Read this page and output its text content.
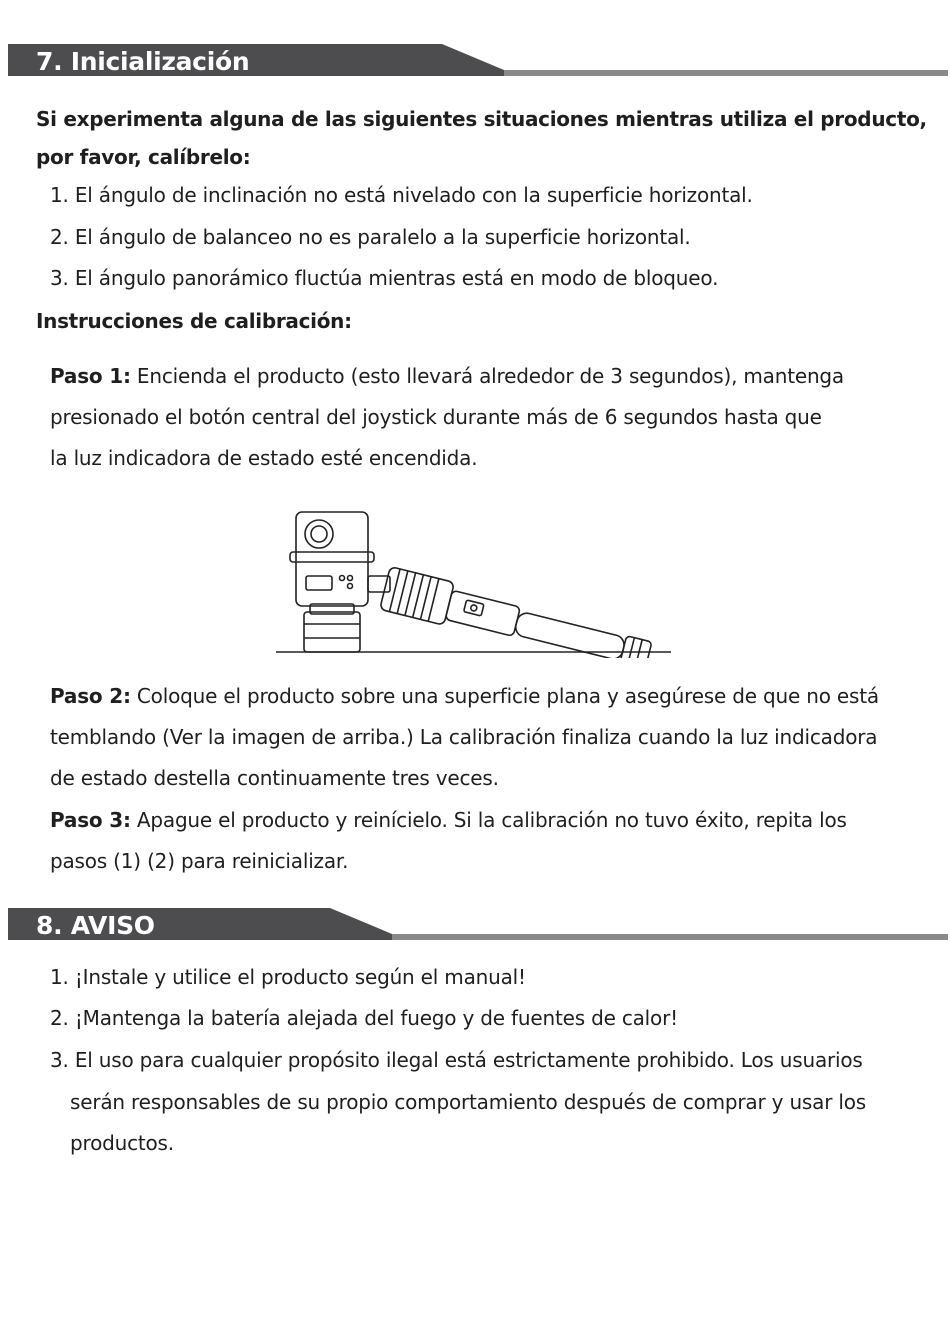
7. Inicialización
Si experimenta alguna de las siguientes situaciones mientras utiliza el producto,
por favor, calíbrelo:
1. El ángulo de inclinación no está nivelado con la superficie horizontal.
2. El ángulo de balanceo no es paralelo a la superficie horizontal.
3. El ángulo panorámico fluctúa mientras está en modo de bloqueo.
Instrucciones de calibración:
Paso 1: Encienda el producto (esto llevará alrededor de 3 segundos), mantenga
presionado el botón central del joystick durante más de 6 segundos hasta que
la luz indicadora de estado esté encendida.
Paso 2: Coloque el producto sobre una superficie plana y asegúrese de que no está
temblando (Ver la imagen de arriba.) La calibración finaliza cuando la luz indicadora
de estado destella continuamente tres veces.
Paso 3: Apague el producto y reinícielo. Si la calibración no tuvo éxito, repita los
pasos (1) (2) para reinicializar.
8. AVISO
1. ¡Instale y utilice el producto según el manual!
2. ¡Mantenga la batería alejada del fuego y de fuentes de calor!
3. El uso para cualquier propósito ilegal está estrictamente prohibido. Los usuarios
serán responsables de su propio comportamiento después de comprar y usar los
productos.
